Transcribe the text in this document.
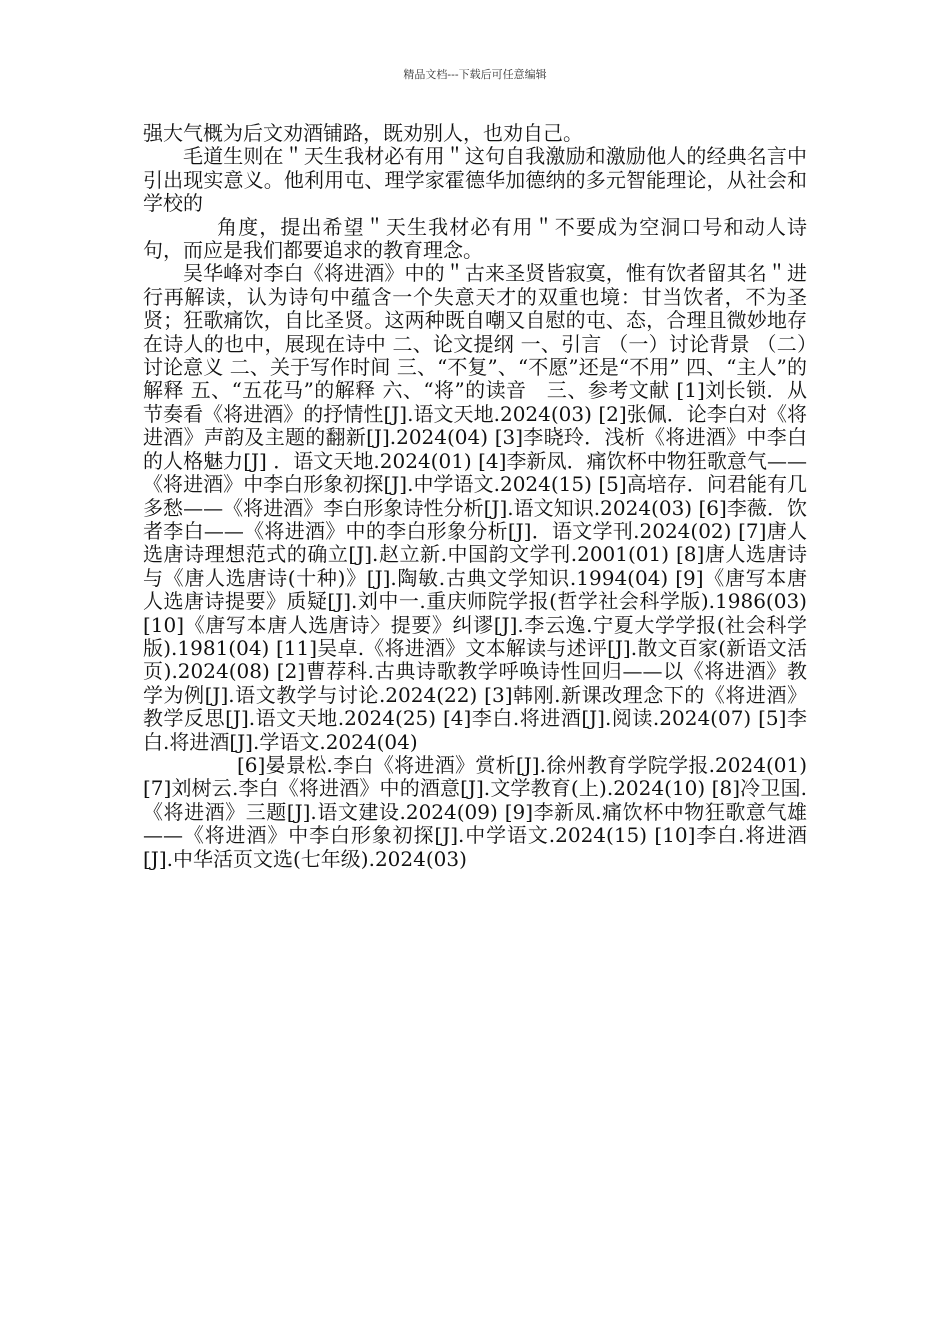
精品文档---下载后可任意编辑

强大气概为后文劝酒铺路，既劝别人，也劝自己。

毛道生则在＂天生我材必有用＂这句自我激励和激励他人的经典名言中引出现实意义。他利用屯、理学家霍德华加德纳的多元智能理论，从社会和学校的

角度，提出希望＂天生我材必有用＂不要成为空洞口号和动人诗句，而应是我们都要追求的教育理念。

吴华峰对李白《将进酒》中的＂古来圣贤皆寂寞，惟有饮者留其名＂进行再解读，认为诗句中蕴含一个失意天才的双重也境：甘当饮者，不为圣贤；狂歌痛饮，自比圣贤。这两种既自嘲又自慰的屯、态，合理且微妙地存在诗人的也中，展现在诗中 二、论文提纲 一、引言 （一）讨论背景 （二）讨论意义 二、关于写作时间 三、“不复”、“不愿”还是“不用” 四、“主人”的解释 五、“五花马”的解释 六、“将”的读音　三、参考文献 [1]刘长锁．从节奏看《将进酒》的抒情性[J].语文天地.2024(03) [2]张佩．论李白对《将进酒》声韵及主题的翻新[J].2024(04) [3]李晓玲．浅析《将进酒》中李白的人格魅力[J] ．语文天地.2024(01) [4]李新凤．痛饮杯中物狂歌意气——《将进酒》中李白形象初探[J].中学语文.2024(15) [5]高培存．问君能有几多愁——《将进酒》李白形象诗性分析[J].语文知识.2024(03) [6]李薇．饮者李白——《将进酒》中的李白形象分析[J]．语文学刊.2024(02) [7]唐人选唐诗理想范式的确立[J].赵立新.中国韵文学刊.2001(01) [8]唐人选唐诗与《唐人选唐诗(十种)》[J].陶敏.古典文学知识.1994(04) [9]《唐写本唐人选唐诗提要》质疑[J].刘中一.重庆师院学报(哲学社会科学版).1986(03) [10]《唐写本唐人选唐诗〉提要》纠谬[J].李云逸.宁夏大学学报(社会科学版).1981(04) [11]吴卓.《将进酒》文本解读与述评[J].散文百家(新语文活页).2024(08) [2]曹荐科.古典诗歌教学呼唤诗性回归——以《将进酒》教学为例[J].语文教学与讨论.2024(22) [3]韩刚.新课改理念下的《将进酒》教学反思[J].语文天地.2024(25) [4]李白.将进酒[J].阅读.2024(07) [5]李白.将进酒[J].学语文.2024(04)

[6]晏景松.李白《将进酒》赏析[J].徐州教育学院学报.2024(01) [7]刘树云.李白《将进酒》中的酒意[J].文学教育(上).2024(10) [8]冷卫国.《将进酒》三题[J].语文建设.2024(09) [9]李新凤.痛饮杯中物狂歌意气雄——《将进酒》中李白形象初探[J].中学语文.2024(15) [10]李白.将进酒[J].中华活页文选(七年级).2024(03)
